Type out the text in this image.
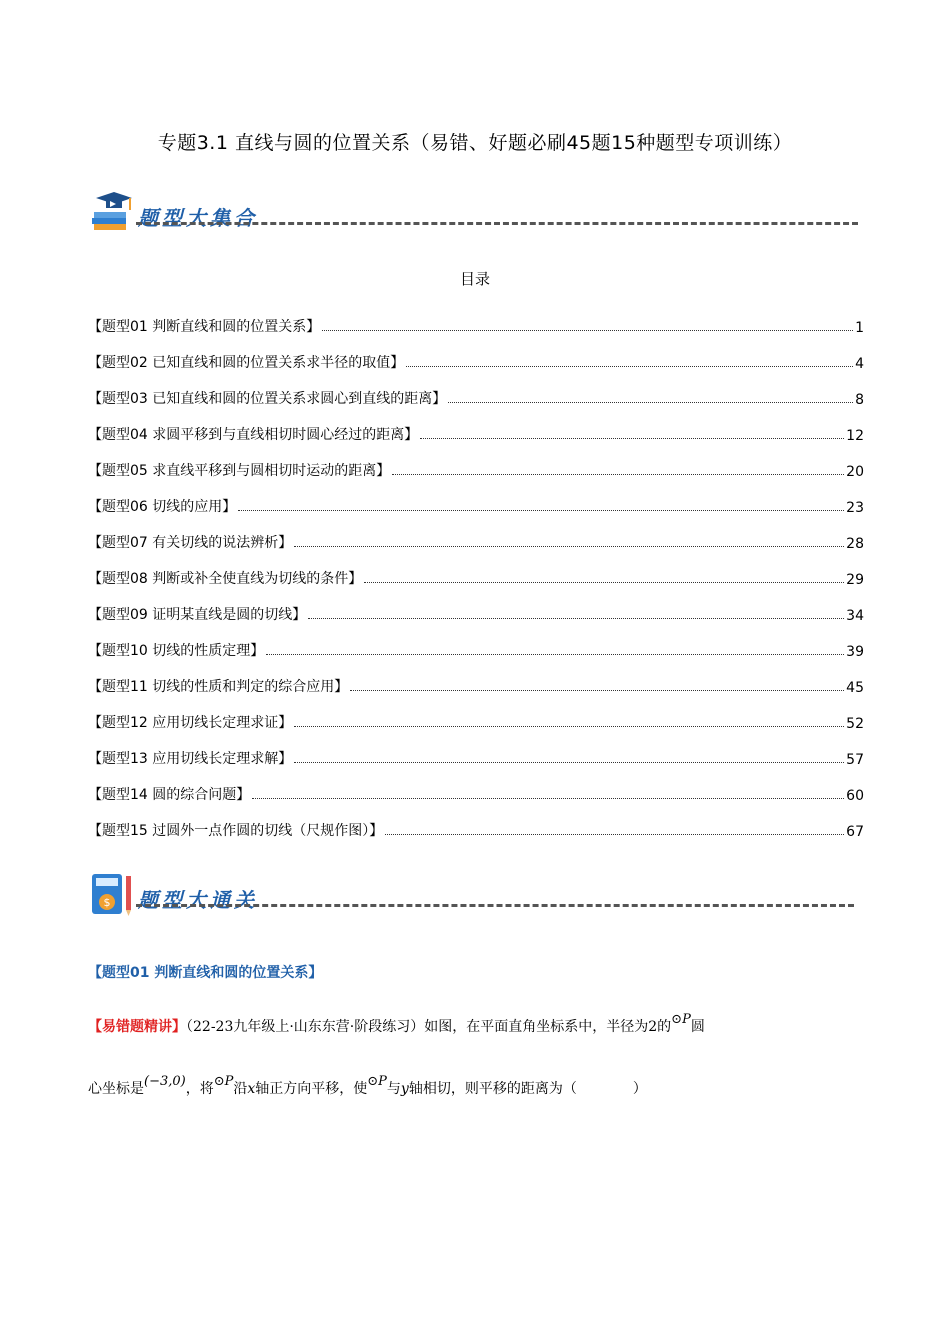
专题3.1 直线与圆的位置关系（易错、好题必刷45题15种题型专项训练）
题型大集合
目录
【题型01 判断直线和圆的位置关系】	1
【题型02 已知直线和圆的位置关系求半径的取值】	4
【题型03 已知直线和圆的位置关系求圆心到直线的距离】	8
【题型04 求圆平移到与直线相切时圆心经过的距离】	12
【题型05 求直线平移到与圆相切时运动的距离】	20
【题型06 切线的应用】	23
【题型07 有关切线的说法辨析】	28
【题型08 判断或补全使直线为切线的条件】	29
【题型09 证明某直线是圆的切线】	34
【题型10 切线的性质定理】	39
【题型11 切线的性质和判定的综合应用】	45
【题型12 应用切线长定理求证】	52
【题型13 应用切线长定理求解】	57
【题型14 圆的综合问题】	60
【题型15 过圆外一点作圆的切线（尺规作图）】	67
$ 题型大通关
【题型01 判断直线和圆的位置关系】
【易错题精讲】（22-23九年级上·山东东营·阶段练习）如图，在平面直角坐标系中，半径为2的⊙P圆
心坐标是(−3,0)，将⊙P沿x轴正方向平移，使⊙P与y轴相切，则平移的距离为（　　　　）
